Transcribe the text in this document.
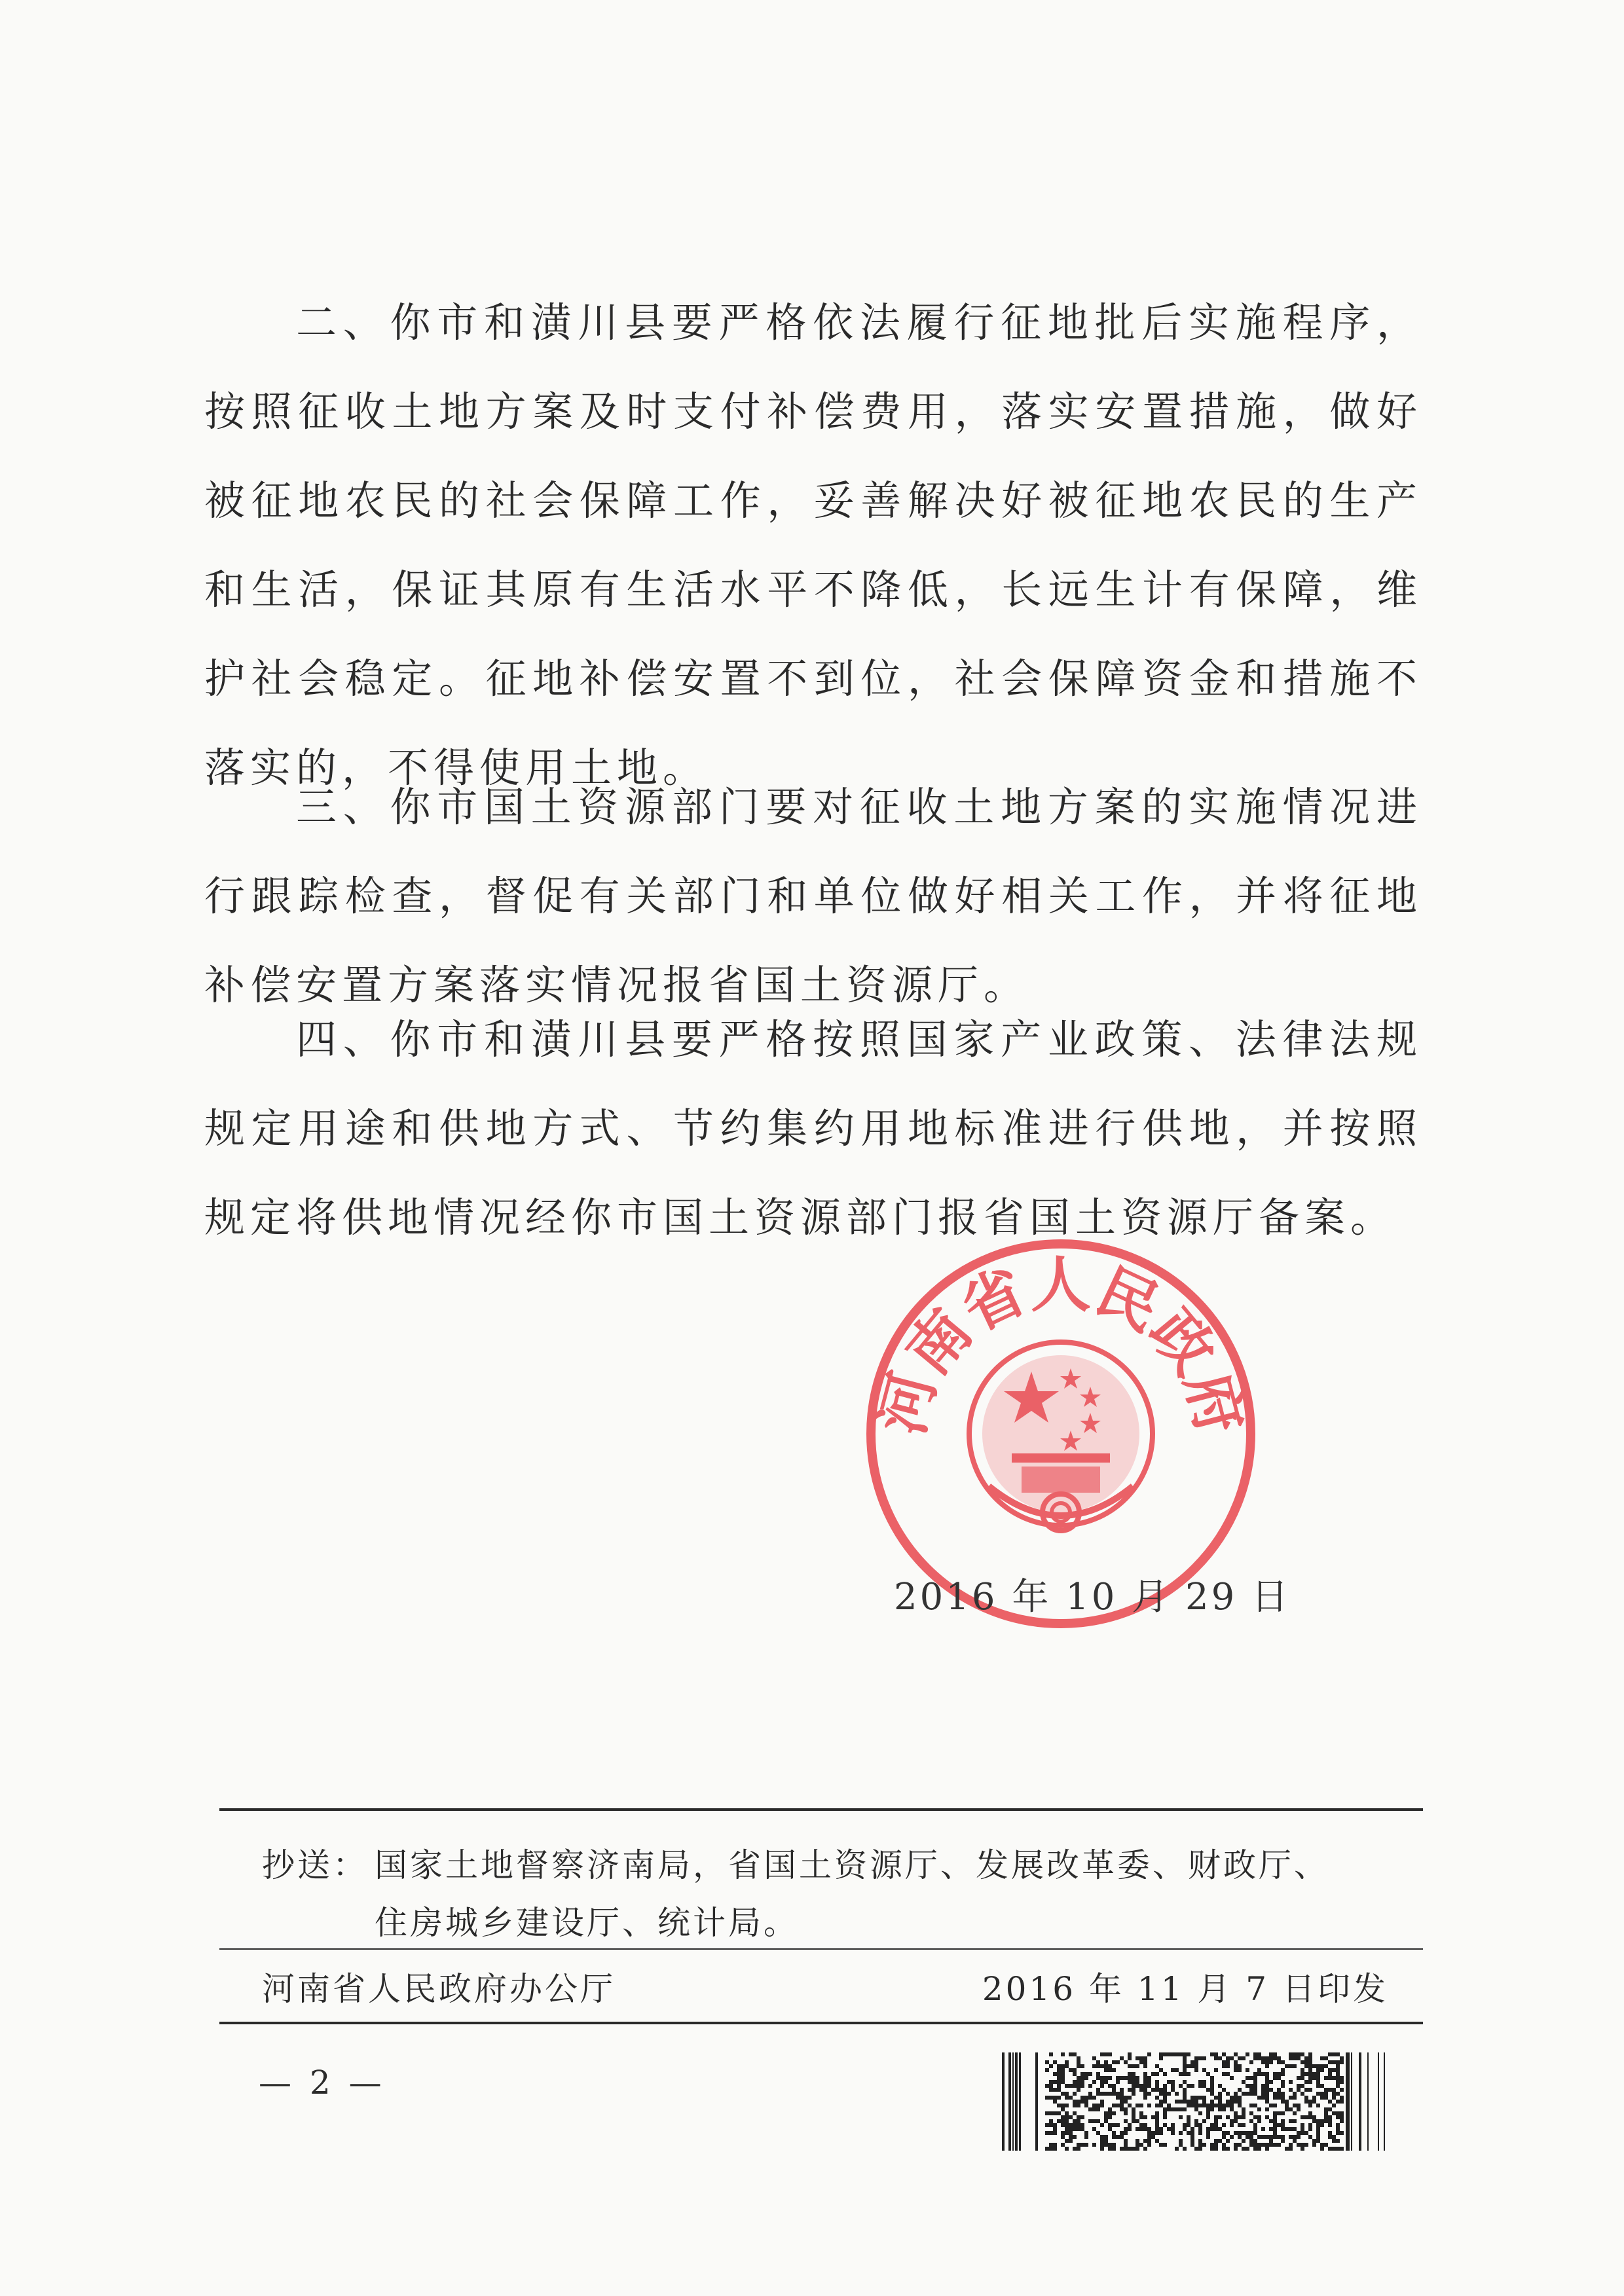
二、你市和潢川县要严格依法履行征地批后实施程序，按照征收土地方案及时支付补偿费用，落实安置措施，做好被征地农民的社会保障工作，妥善解决好被征地农民的生产和生活，保证其原有生活水平不降低，长远生计有保障，维护社会稳定。征地补偿安置不到位，社会保障资金和措施不落实的，不得使用土地。

三、你市国土资源部门要对征收土地方案的实施情况进行跟踪检查，督促有关部门和单位做好相关工作，并将征地补偿安置方案落实情况报省国土资源厅。

四、你市和潢川县要严格按照国家产业政策、法律法规规定用途和供地方式、节约集约用地标准进行供地，并按照规定将供地情况经你市国土资源部门报省国土资源厅备案。

河南省人民政府
2016 年 10 月 29 日
抄送： 国家土地督察济南局，省国土资源厅、发展改革委、财政厅、
住房城乡建设厅、统计局。
河南省人民政府办公厅	2016 年 11 月 7 日印发
— 2 —
